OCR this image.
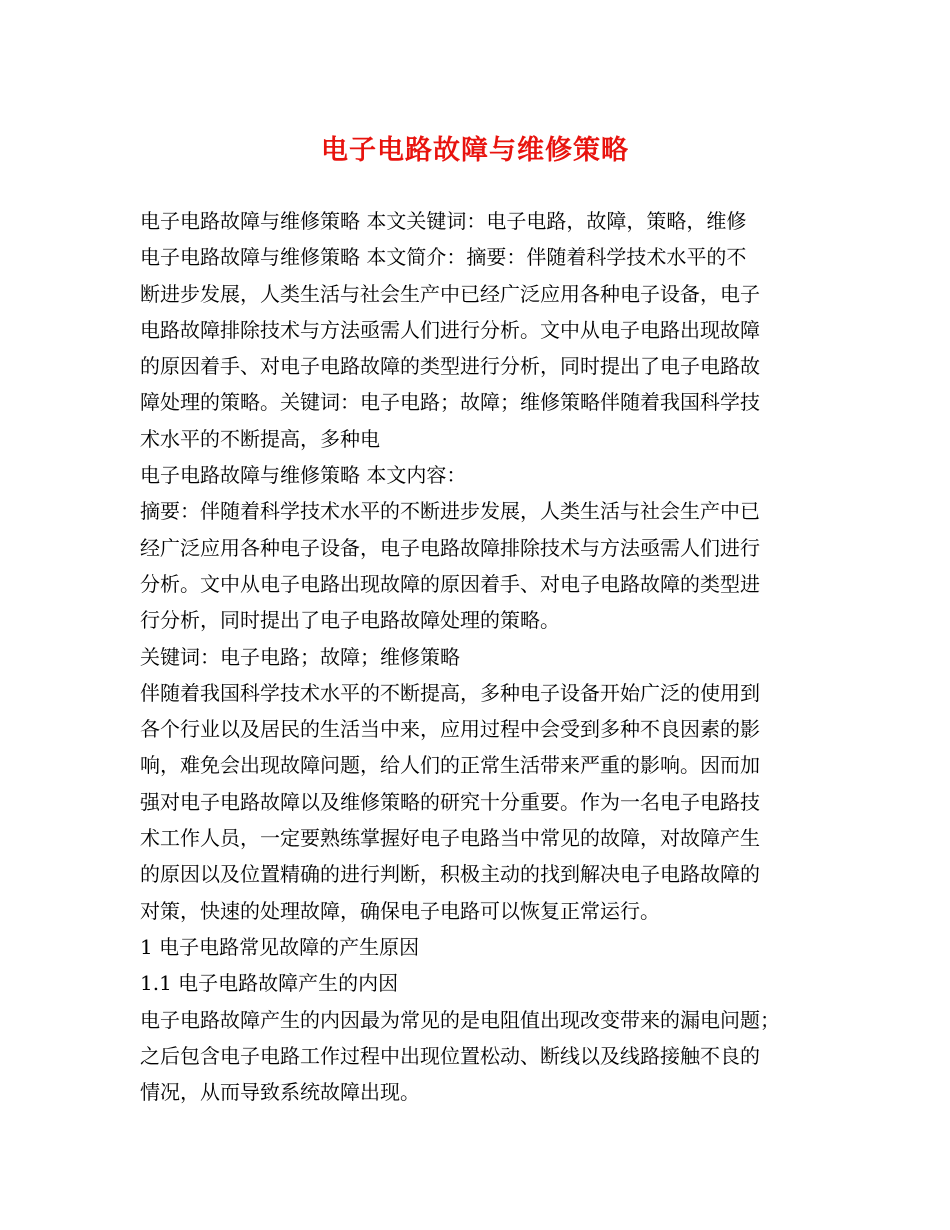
电子电路故障与维修策略
电子电路故障与维修策略 本文关键词：电子电路，故障，策略，维修
电子电路故障与维修策略 本文简介：摘要：伴随着科学技术水平的不
断进步发展，人类生活与社会生产中已经广泛应用各种电子设备，电子
电路故障排除技术与方法亟需人们进行分析。文中从电子电路出现故障
的原因着手、对电子电路故障的类型进行分析，同时提出了电子电路故
障处理的策略。关键词：电子电路；故障；维修策略伴随着我国科学技
术水平的不断提高，多种电
电子电路故障与维修策略 本文内容：
摘要：伴随着科学技术水平的不断进步发展，人类生活与社会生产中已
经广泛应用各种电子设备，电子电路故障排除技术与方法亟需人们进行
分析。文中从电子电路出现故障的原因着手、对电子电路故障的类型进
行分析，同时提出了电子电路故障处理的策略。
关键词：电子电路；故障；维修策略
伴随着我国科学技术水平的不断提高，多种电子设备开始广泛的使用到
各个行业以及居民的生活当中来，应用过程中会受到多种不良因素的影
响，难免会出现故障问题，给人们的正常生活带来严重的影响。因而加
强对电子电路故障以及维修策略的研究十分重要。作为一名电子电路技
术工作人员，一定要熟练掌握好电子电路当中常见的故障，对故障产生
的原因以及位置精确的进行判断，积极主动的找到解决电子电路故障的
对策，快速的处理故障，确保电子电路可以恢复正常运行。
1 电子电路常见故障的产生原因
1.1 电子电路故障产生的内因
电子电路故障产生的内因最为常见的是电阻值出现改变带来的漏电问题；
之后包含电子电路工作过程中出现位置松动、断线以及线路接触不良的
情况，从而导致系统故障出现。
